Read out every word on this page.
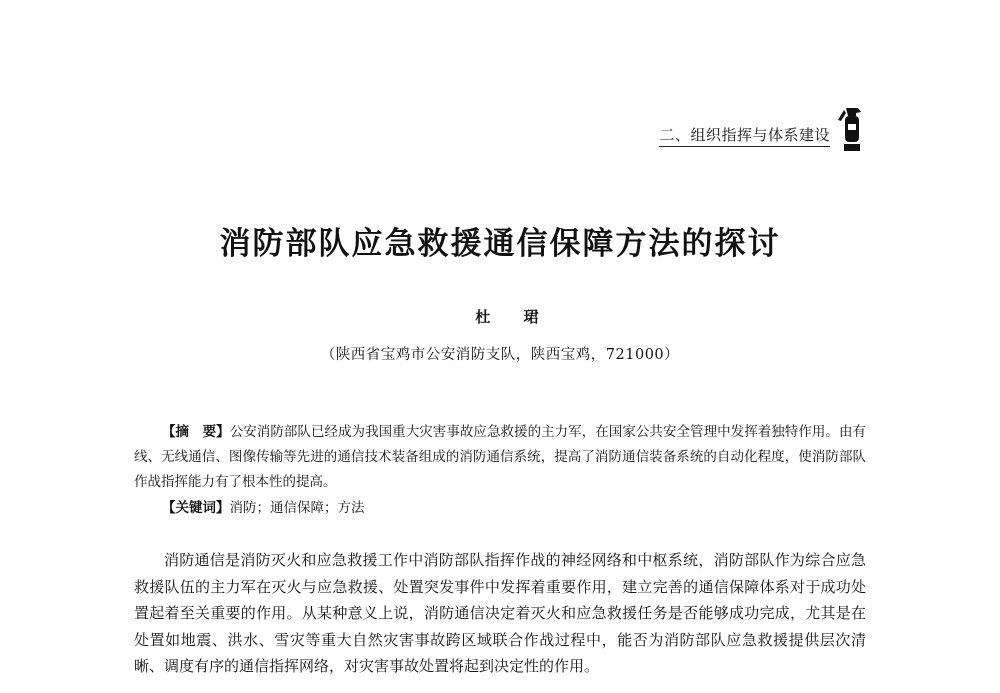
二、组织指挥与体系建设
消防部队应急救援通信保障方法的探讨
杜 珺
（陕西省宝鸡市公安消防支队，陕西宝鸡，721000）
【摘　要】公安消防部队已经成为我国重大灾害事故应急救援的主力军，在国家公共安全管理中发挥着独特作用。由有线、无线通信、图像传输等先进的通信技术装备组成的消防通信系统，提高了消防通信装备系统的自动化程度，使消防部队作战指挥能力有了根本性的提高。
【关键词】消防；通信保障；方法
消防通信是消防灭火和应急救援工作中消防部队指挥作战的神经网络和中枢系统，消防部队作为综合应急救援队伍的主力军在灭火与应急救援、处置突发事件中发挥着重要作用，建立完善的通信保障体系对于成功处置起着至关重要的作用。从某种意义上说，消防通信决定着灭火和应急救援任务是否能够成功完成，尤其是在处置如地震、洪水、雪灾等重大自然灾害事故跨区域联合作战过程中，能否为消防部队应急救援提供层次清晰、调度有序的通信指挥网络，对灾害事故处置将起到决定性的作用。
